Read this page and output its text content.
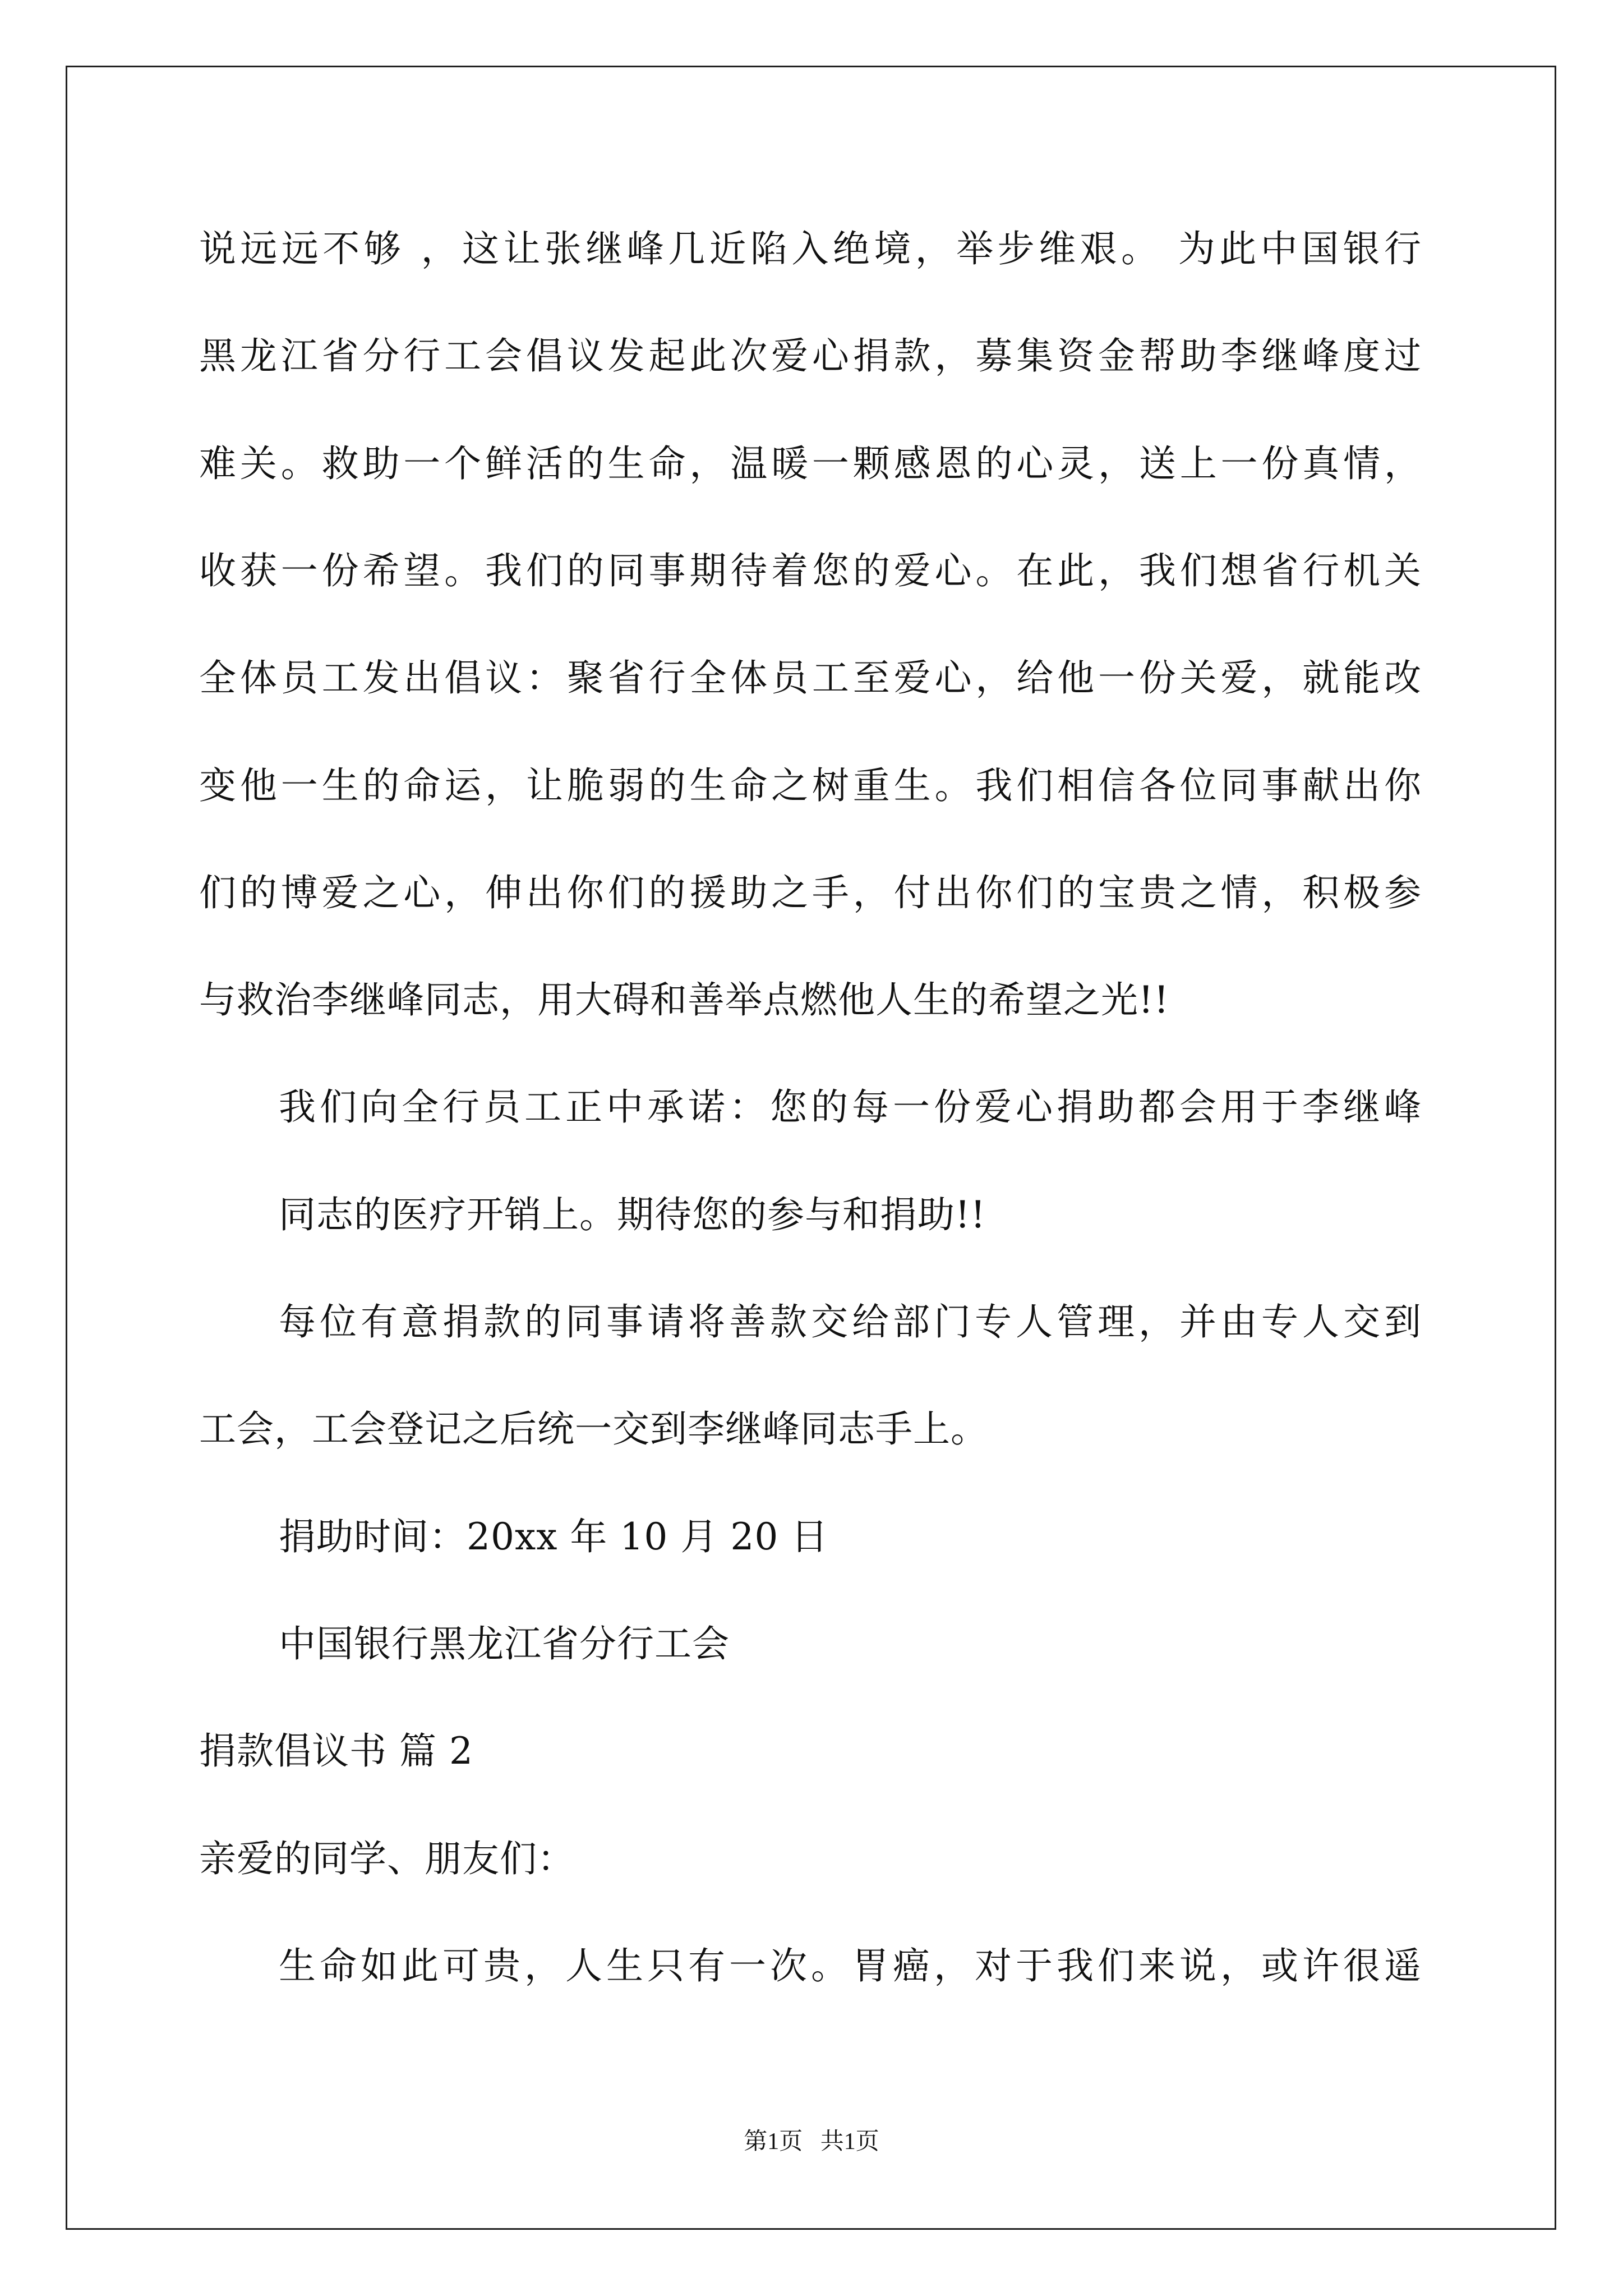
说远远不够 ，这让张继峰几近陷入绝境，举步维艰。 为此中国银行
黑龙江省分行工会倡议发起此次爱心捐款，募集资金帮助李继峰度过
难关。救助一个鲜活的生命，温暖一颗感恩的心灵，送上一份真情，
收获一份希望。我们的同事期待着您的爱心。在此，我们想省行机关
全体员工发出倡议：聚省行全体员工至爱心，给他一份关爱，就能改
变他一生的命运，让脆弱的生命之树重生。我们相信各位同事献出你
们的博爱之心，伸出你们的援助之手，付出你们的宝贵之情，积极参
与救治李继峰同志，用大碍和善举点燃他人生的希望之光!!
我们向全行员工正中承诺：您的每一份爱心捐助都会用于李继峰
同志的医疗开销上。期待您的参与和捐助!!
每位有意捐款的同事请将善款交给部门专人管理，并由专人交到
工会，工会登记之后统一交到李继峰同志手上。
捐助时间：20xx 年 10 月 20 日
中国银行黑龙江省分行工会
捐款倡议书 篇 2
亲爱的同学、朋友们：
生命如此可贵，人生只有一次。胃癌，对于我们来说，或许很遥
第1页   共1页
